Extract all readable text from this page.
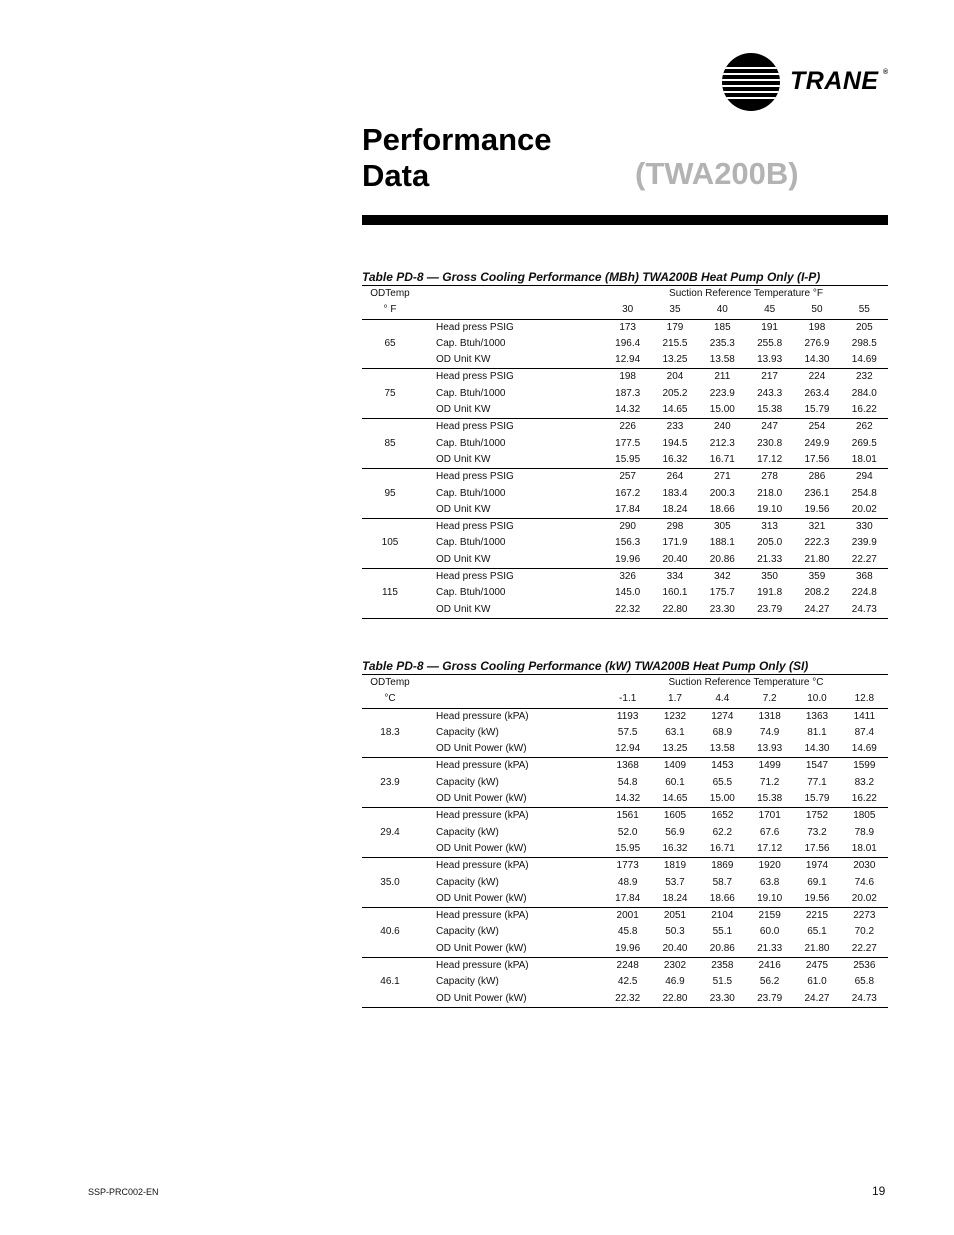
TRANE ®
Performance
Data	(TWA200B)
Table PD-8 — Gross Cooling Performance (MBh) TWA200B Heat Pump Only (I-P)
ODTemp		Suction Reference Temperature °F					
° F		30	35	40	45	50	55
	Head press PSIG	173	179	185	191	198	205
65	Cap. Btuh/1000	196.4	215.5	235.3	255.8	276.9	298.5
	OD Unit KW	12.94	13.25	13.58	13.93	14.30	14.69
	Head press PSIG	198	204	211	217	224	232
75	Cap. Btuh/1000	187.3	205.2	223.9	243.3	263.4	284.0
	OD Unit KW	14.32	14.65	15.00	15.38	15.79	16.22
	Head press PSIG	226	233	240	247	254	262
85	Cap. Btuh/1000	177.5	194.5	212.3	230.8	249.9	269.5
	OD Unit KW	15.95	16.32	16.71	17.12	17.56	18.01
	Head press PSIG	257	264	271	278	286	294
95	Cap. Btuh/1000	167.2	183.4	200.3	218.0	236.1	254.8
	OD Unit KW	17.84	18.24	18.66	19.10	19.56	20.02
	Head press PSIG	290	298	305	313	321	330
105	Cap. Btuh/1000	156.3	171.9	188.1	205.0	222.3	239.9
	OD Unit KW	19.96	20.40	20.86	21.33	21.80	22.27
	Head press PSIG	326	334	342	350	359	368
115	Cap. Btuh/1000	145.0	160.1	175.7	191.8	208.2	224.8
	OD Unit KW	22.32	22.80	23.30	23.79	24.27	24.73
Table PD-8 — Gross Cooling Performance (kW) TWA200B Heat Pump Only (SI)
ODTemp		Suction Reference Temperature °C					
°C		-1.1	1.7	4.4	7.2	10.0	12.8
	Head pressure (kPA)	1193	1232	1274	1318	1363	1411
18.3	Capacity (kW)	57.5	63.1	68.9	74.9	81.1	87.4
	OD Unit Power (kW)	12.94	13.25	13.58	13.93	14.30	14.69
	Head pressure (kPA)	1368	1409	1453	1499	1547	1599
23.9	Capacity (kW)	54.8	60.1	65.5	71.2	77.1	83.2
	OD Unit Power (kW)	14.32	14.65	15.00	15.38	15.79	16.22
	Head pressure (kPA)	1561	1605	1652	1701	1752	1805
29.4	Capacity (kW)	52.0	56.9	62.2	67.6	73.2	78.9
	OD Unit Power (kW)	15.95	16.32	16.71	17.12	17.56	18.01
	Head pressure (kPA)	1773	1819	1869	1920	1974	2030
35.0	Capacity (kW)	48.9	53.7	58.7	63.8	69.1	74.6
	OD Unit Power (kW)	17.84	18.24	18.66	19.10	19.56	20.02
	Head pressure (kPA)	2001	2051	2104	2159	2215	2273
40.6	Capacity (kW)	45.8	50.3	55.1	60.0	65.1	70.2
	OD Unit Power (kW)	19.96	20.40	20.86	21.33	21.80	22.27
	Head pressure (kPA)	2248	2302	2358	2416	2475	2536
46.1	Capacity (kW)	42.5	46.9	51.5	56.2	61.0	65.8
	OD Unit Power (kW)	22.32	22.80	23.30	23.79	24.27	24.73
SSP-PRC002-EN	19
